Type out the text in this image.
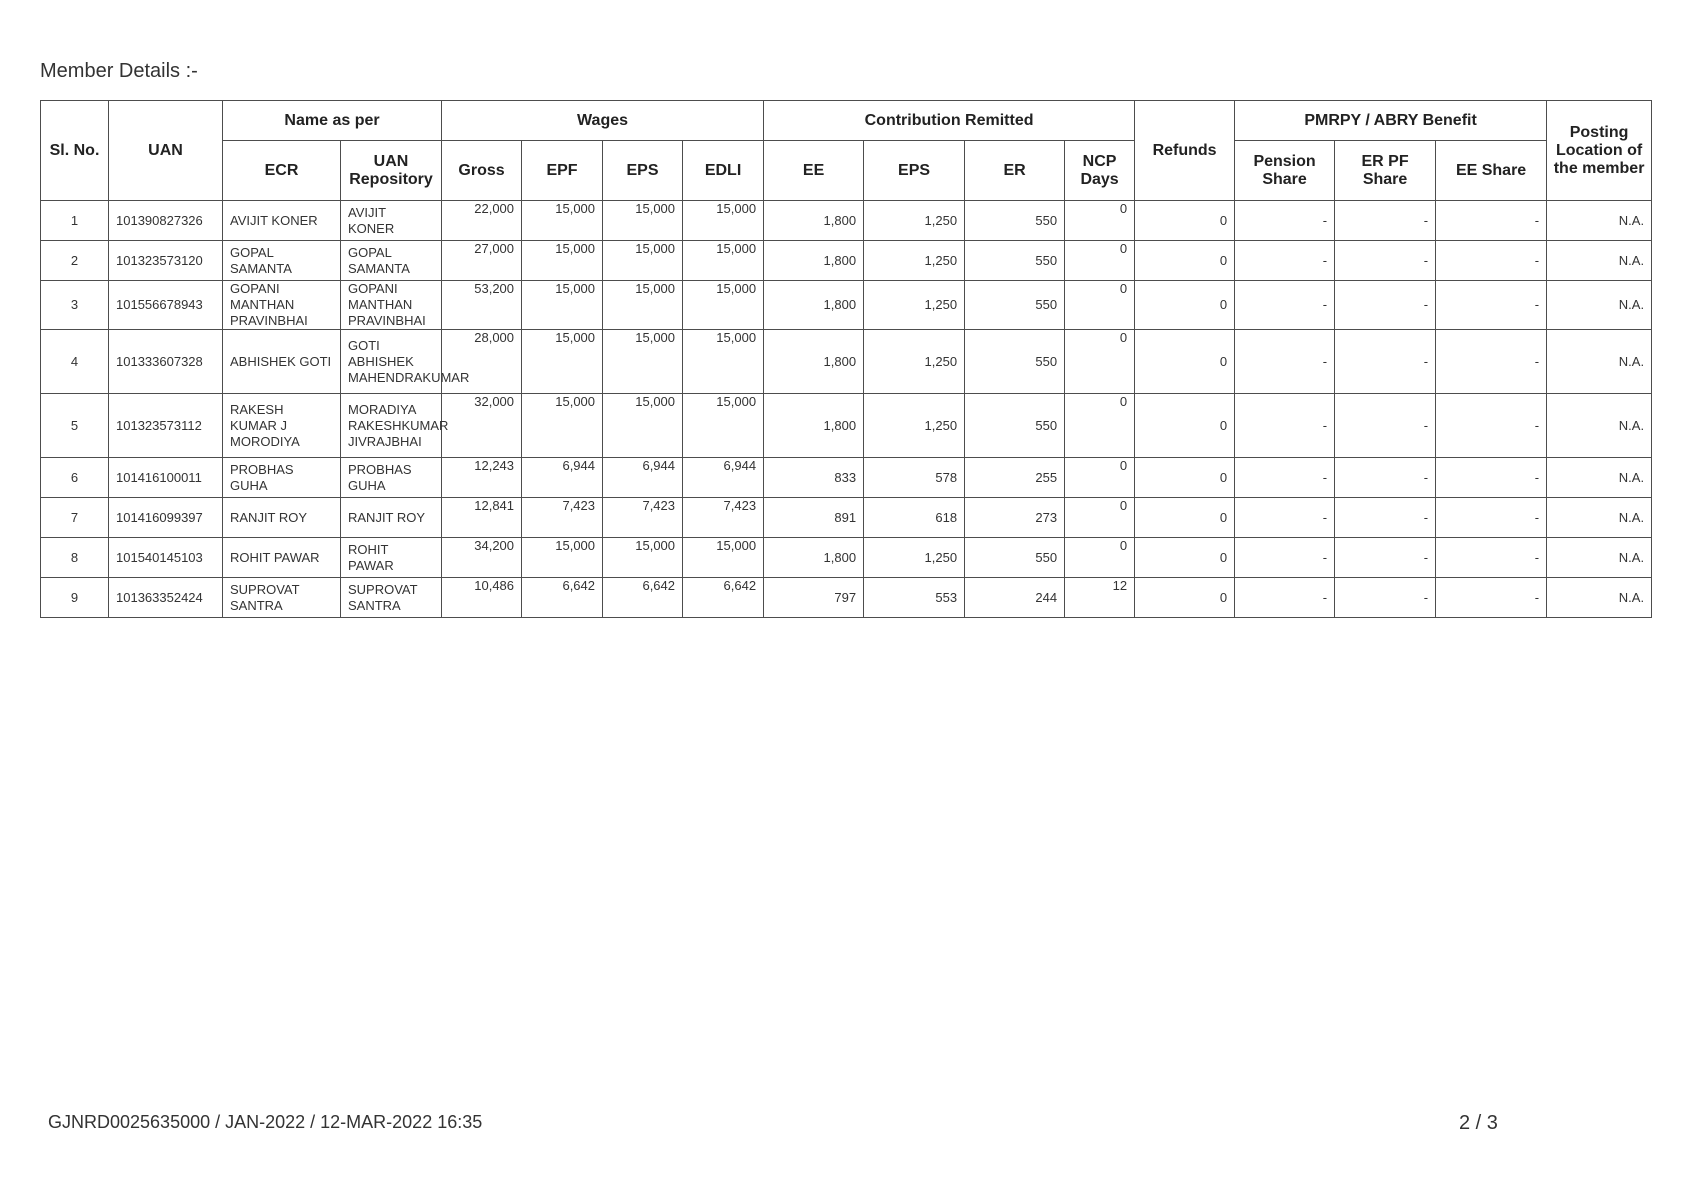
Member Details :-
Sl. No.	UAN	Name as per		Wages				Contribution Remitted				Refunds	PMRPY / ABRY Benefit			Posting Location of the member
		ECR	UAN Repository	Gross	EPF	EPS	EDLI	EE	EPS	ER	NCP Days		Pension Share	ER PF Share	EE Share	
1	101390827326	AVIJIT KONER	AVIJIT KONER	22,000	15,000	15,000	15,000	1,800	1,250	550	0	0	-	-	-	N.A.
2	101323573120	GOPAL SAMANTA	GOPAL SAMANTA	27,000	15,000	15,000	15,000	1,800	1,250	550	0	0	-	-	-	N.A.
3	101556678943	GOPANI MANTHAN PRAVINBHAI	GOPANI MANTHAN PRAVINBHAI	53,200	15,000	15,000	15,000	1,800	1,250	550	0	0	-	-	-	N.A.
4	101333607328	ABHISHEK GOTI	GOTI ABHISHEK MAHENDRAKUMAR	28,000	15,000	15,000	15,000	1,800	1,250	550	0	0	-	-	-	N.A.
5	101323573112	RAKESH KUMAR J MORODIYA	MORADIYA RAKESHKUMAR JIVRAJBHAI	32,000	15,000	15,000	15,000	1,800	1,250	550	0	0	-	-	-	N.A.
6	101416100011	PROBHAS GUHA	PROBHAS GUHA	12,243	6,944	6,944	6,944	833	578	255	0	0	-	-	-	N.A.
7	101416099397	RANJIT ROY	RANJIT ROY	12,841	7,423	7,423	7,423	891	618	273	0	0	-	-	-	N.A.
8	101540145103	ROHIT PAWAR	ROHIT PAWAR	34,200	15,000	15,000	15,000	1,800	1,250	550	0	0	-	-	-	N.A.
9	101363352424	SUPROVAT SANTRA	SUPROVAT SANTRA	10,486	6,642	6,642	6,642	797	553	244	12	0	-	-	-	N.A.
GJNRD0025635000 / JAN-2022 / 12-MAR-2022 16:35	2 / 3
